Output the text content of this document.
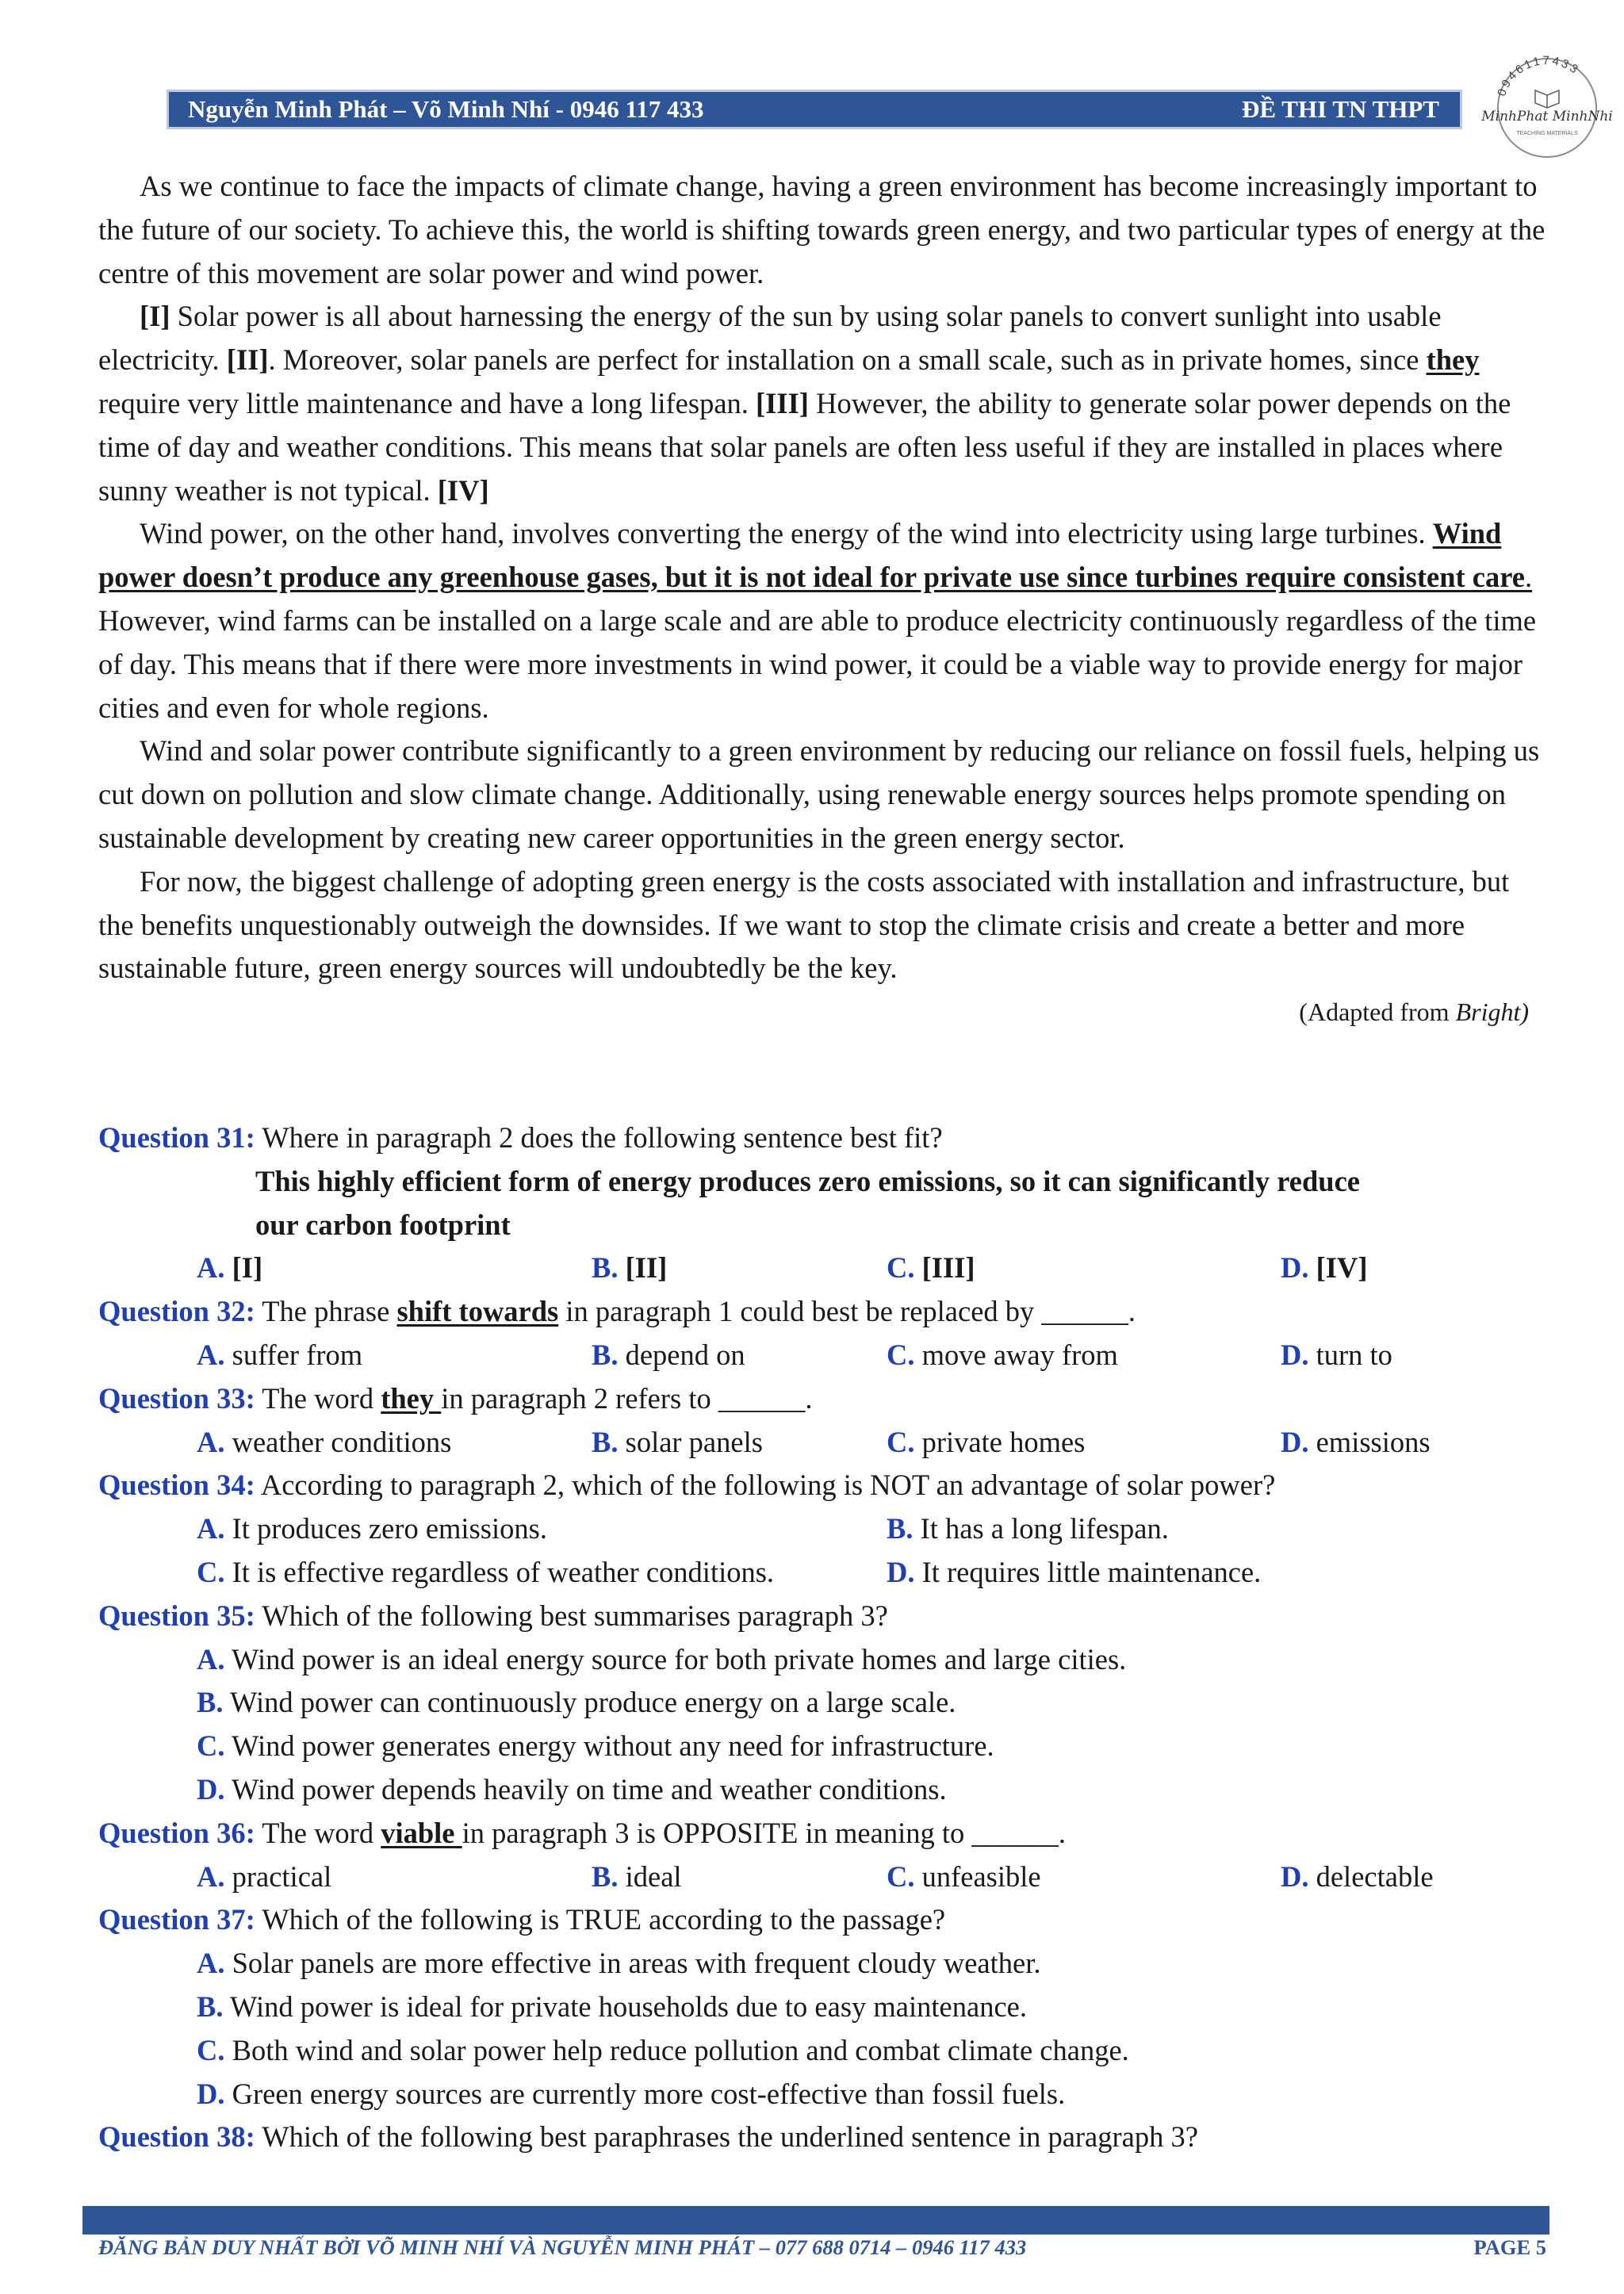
Nguyễn Minh Phát – Võ Minh Nhí - 0946 117 433	ĐỀ THI TN THPT
0946117433
MinhPhat MinhNhi
TEACHING MATERIALS

As we continue to face the impacts of climate change, having a green environment has become increasingly important to the future of our society. To achieve this, the world is shifting towards green energy, and two particular types of energy at the centre of this movement are solar power and wind power.

[I] Solar power is all about harnessing the energy of the sun by using solar panels to convert sunlight into usable electricity. [II]. Moreover, solar panels are perfect for installation on a small scale, such as in private homes, since they require very little maintenance and have a long lifespan. [III] However, the ability to generate solar power depends on the time of day and weather conditions. This means that solar panels are often less useful if they are installed in places where sunny weather is not typical. [IV]

Wind power, on the other hand, involves converting the energy of the wind into electricity using large turbines. Wind power doesn’t produce any greenhouse gases, but it is not ideal for private use since turbines require consistent care. However, wind farms can be installed on a large scale and are able to produce electricity continuously regardless of the time of day. This means that if there were more investments in wind power, it could be a viable way to provide energy for major cities and even for whole regions.

Wind and solar power contribute significantly to a green environment by reducing our reliance on fossil fuels, helping us cut down on pollution and slow climate change. Additionally, using renewable energy sources helps promote spending on sustainable development by creating new career opportunities in the green energy sector.

For now, the biggest challenge of adopting green energy is the costs associated with installation and infrastructure, but the benefits unquestionably outweigh the downsides. If we want to stop the climate crisis and create a better and more sustainable future, green energy sources will undoubtedly be the key.

(Adapted from Bright)
Question 31: Where in paragraph 2 does the following sentence best fit?
This highly efficient form of energy produces zero emissions, so it can significantly reduce
our carbon footprint
A. [I]	B. [II]	C. [III]	D. [IV]
Question 32: The phrase shift towards in paragraph 1 could best be replaced by ______.
A. suffer from	B. depend on	C. move away from	D. turn to
Question 33: The word they in paragraph 2 refers to ______.
A. weather conditions	B. solar panels	C. private homes	D. emissions
Question 34: According to paragraph 2, which of the following is NOT an advantage of solar power?
A. It produces zero emissions.	B. It has a long lifespan.
C. It is effective regardless of weather conditions.	D. It requires little maintenance.
Question 35: Which of the following best summarises paragraph 3?
A. Wind power is an ideal energy source for both private homes and large cities.
B. Wind power can continuously produce energy on a large scale.
C. Wind power generates energy without any need for infrastructure.
D. Wind power depends heavily on time and weather conditions.
Question 36: The word viable in paragraph 3 is OPPOSITE in meaning to ______.
A. practical	B. ideal	C. unfeasible	D. delectable
Question 37: Which of the following is TRUE according to the passage?
A. Solar panels are more effective in areas with frequent cloudy weather.
B. Wind power is ideal for private households due to easy maintenance.
C. Both wind and solar power help reduce pollution and combat climate change.
D. Green energy sources are currently more cost-effective than fossil fuels.
Question 38: Which of the following best paraphrases the underlined sentence in paragraph 3?
ĐĂNG BẢN DUY NHẤT BỞI VÕ MINH NHÍ VÀ NGUYỄN MINH PHÁT – 077 688 0714 – 0946 117 433	PAGE 5
